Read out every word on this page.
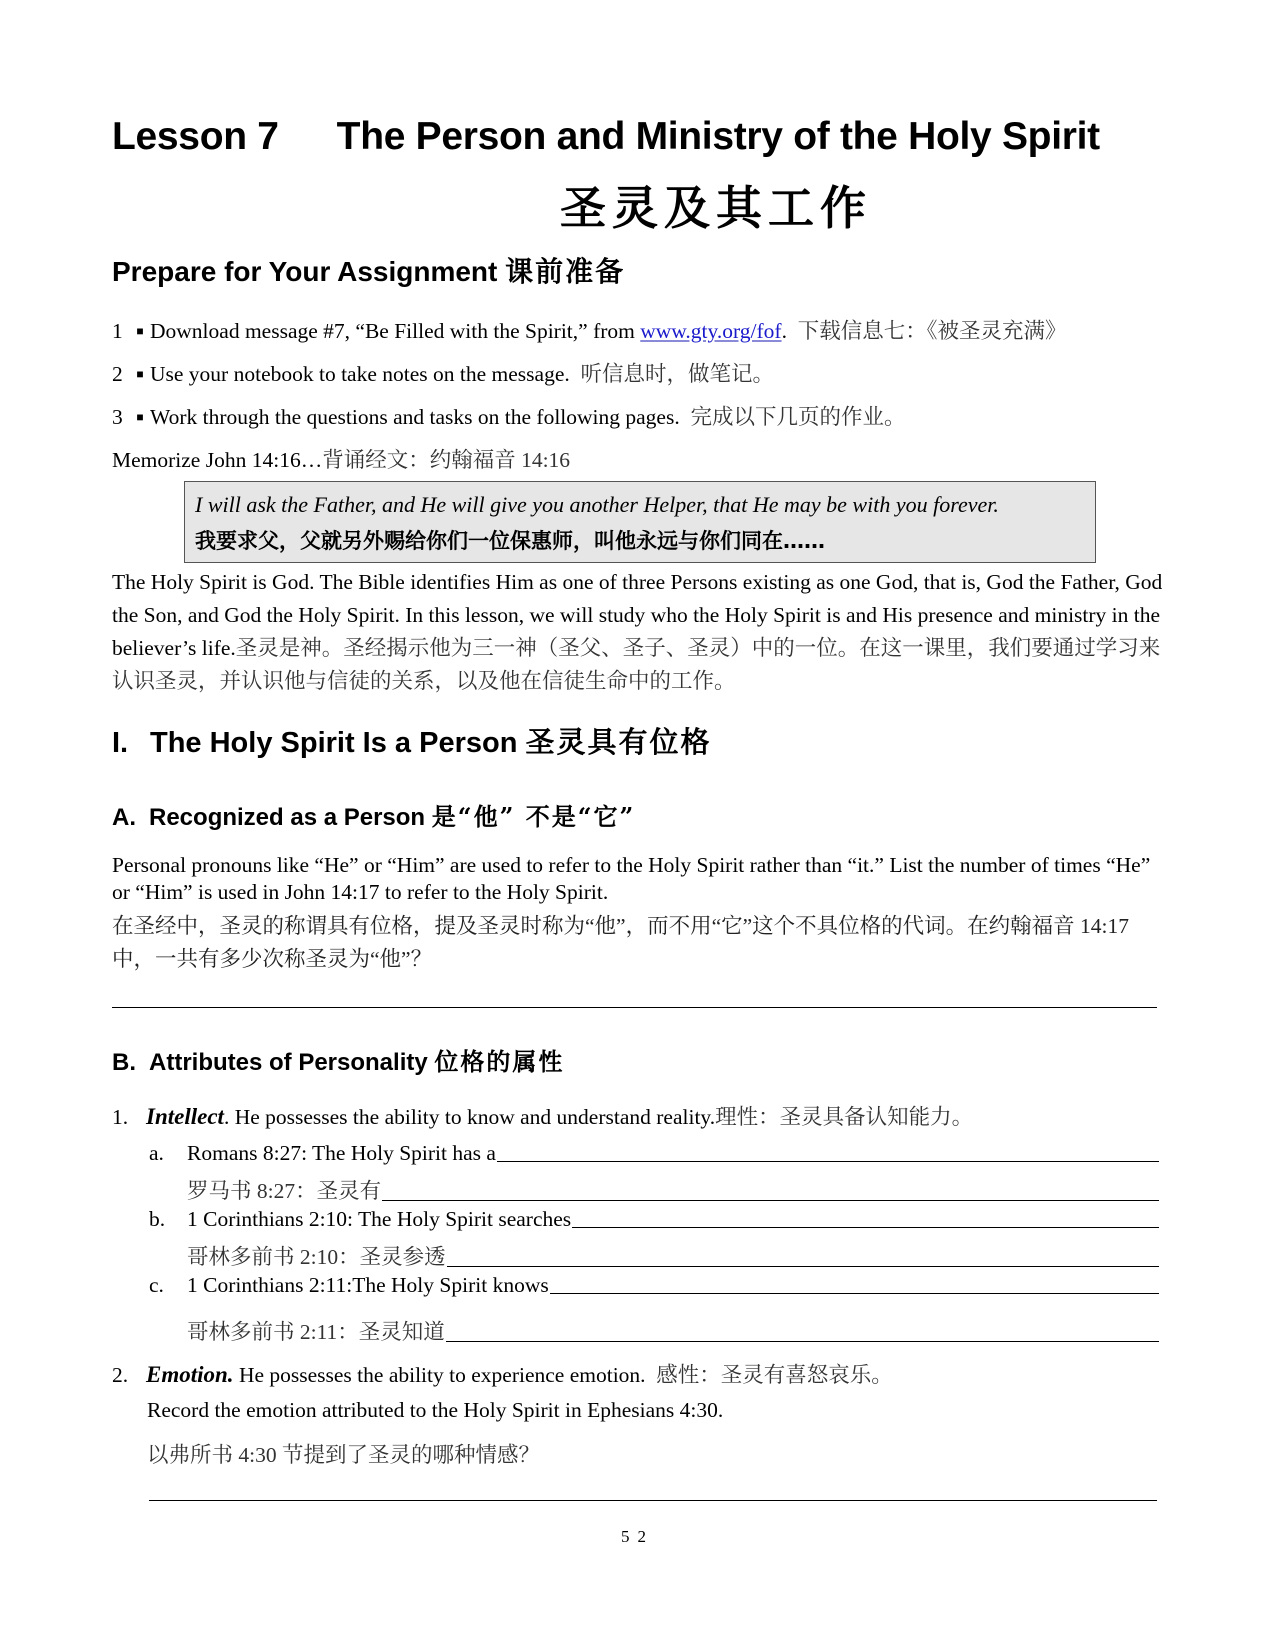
Lesson 7 The Person and Ministry of the Holy Spirit
圣灵及其工作
Prepare for Your Assignment 课前准备
1 ■ Download message #7, “Be Filled with the Spirit,” from www.gty.org/fof. 下载信息七：《被圣灵充满》
2 ■ Use your notebook to take notes on the message. 听信息时，做笔记。
3 ■ Work through the questions and tasks on the following pages. 完成以下几页的作业。
Memorize John 14:16…背诵经文：约翰福音 14:16
I will ask the Father, and He will give you another Helper, that He may be with you forever.
我要求父，父就另外赐给你们一位保惠师，叫他永远与你们同在……
The Holy Spirit is God. The Bible identifies Him as one of three Persons existing as one God, that is, God the Father, God the Son, and God the Holy Spirit. In this lesson, we will study who the Holy Spirit is and His presence and ministry in the believer’s life.圣灵是神。圣经揭示他为三一神（圣父、圣子、圣灵）中的一位。在这一课里，我们要通过学习来认识圣灵，并认识他与信徒的关系，以及他在信徒生命中的工作。
I. The Holy Spirit Is a Person 圣灵具有位格
A. Recognized as a Person 是“他” 不是“它”
Personal pronouns like “He” or “Him” are used to refer to the Holy Spirit rather than “it.” List the number of times “He” or “Him” is used in John 14:17 to refer to the Holy Spirit.
在圣经中，圣灵的称谓具有位格，提及圣灵时称为“他”，而不用“它”这个不具位格的代词。在约翰福音 14:17 中，一共有多少次称圣灵为“他”？
B. Attributes of Personality 位格的属性
1. Intellect. He possesses the ability to know and understand reality.理性：圣灵具备认知能力。
a.	Romans 8:27: The Holy Spirit has a
罗马书 8:27：圣灵有
b.	1 Corinthians 2:10: The Holy Spirit searches
哥林多前书 2:10：圣灵参透
c.	1 Corinthians 2:11:The Holy Spirit knows
哥林多前书 2:11：圣灵知道
2. Emotion. He possesses the ability to experience emotion. 感性：圣灵有喜怒哀乐。
Record the emotion attributed to the Holy Spirit in Ephesians 4:30.
以弗所书 4:30 节提到了圣灵的哪种情感？
52
